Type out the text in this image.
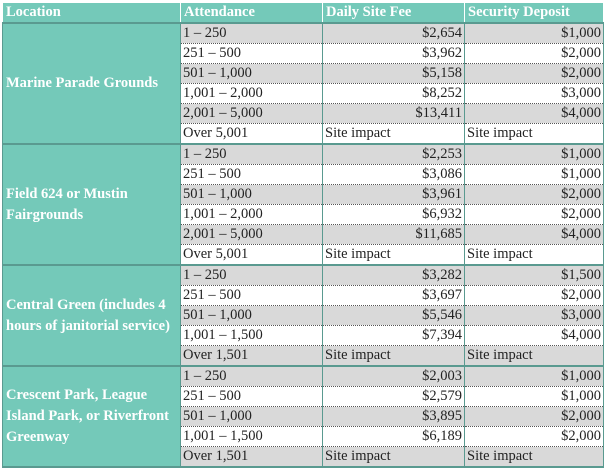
Location	Attendance	Daily Site Fee	Security Deposit
Marine Parade Grounds	1 – 250	$2,654	$1,000
	251 – 500	$3,962	$2,000
	501 – 1,000	$5,158	$2,000
	1,001 – 2,000	$8,252	$3,000
	2,001 – 5,000	$13,411	$4,000
	Over 5,001	Site impact	Site impact
Field 624 or Mustin Fairgrounds	1 – 250	$2,253	$1,000
	251 – 500	$3,086	$1,000
	501 – 1,000	$3,961	$2,000
	1,001 – 2,000	$6,932	$2,000
	2,001 – 5,000	$11,685	$4,000
	Over 5,001	Site impact	Site impact
Central Green (includes 4 hours of janitorial service)	1 – 250	$3,282	$1,500
	251 – 500	$3,697	$2,000
	501 – 1,000	$5,546	$3,000
	1,001 – 1,500	$7,394	$4,000
	Over 1,501	Site impact	Site impact
Crescent Park, League Island Park, or Riverfront Greenway	1 – 250	$2,003	$1,000
	251 – 500	$2,579	$1,000
	501 – 1,000	$3,895	$2,000
	1,001 – 1,500	$6,189	$2,000
	Over 1,501	Site impact	Site impact
